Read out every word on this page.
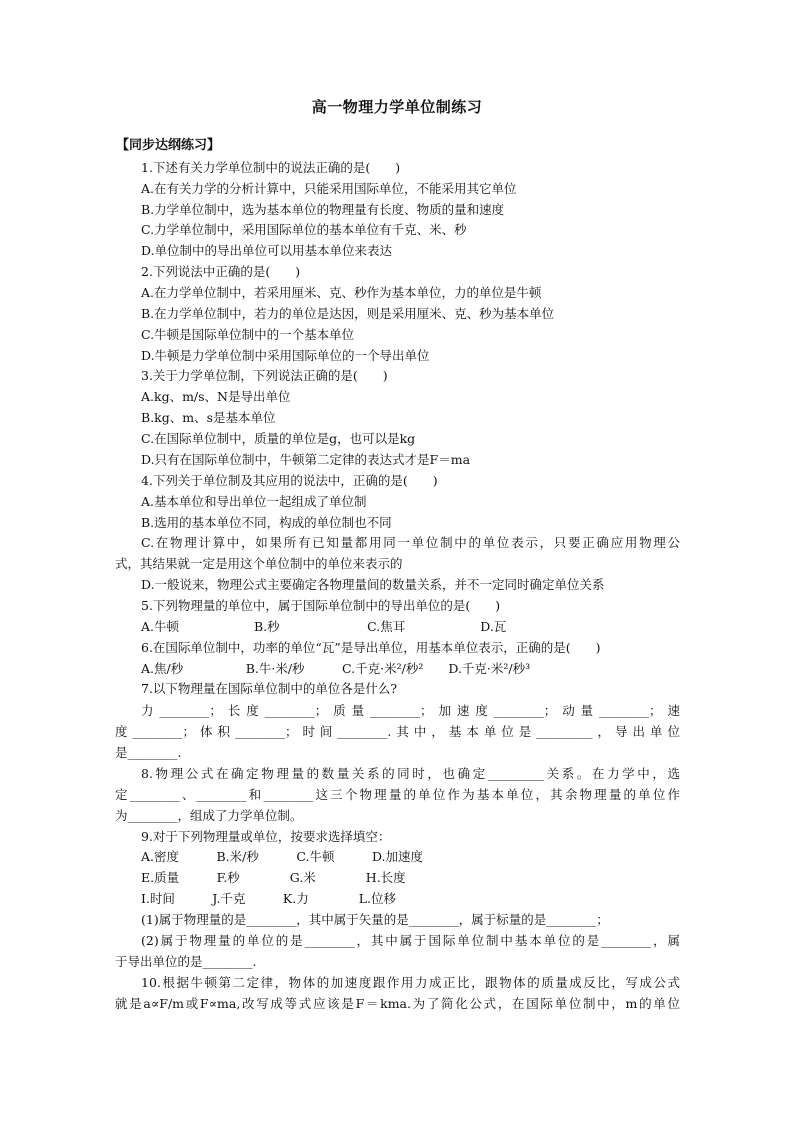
高一物理力学单位制练习
【同步达纲练习】
1.下述有关力学单位制中的说法正确的是(　　)
A.在有关力学的分析计算中，只能采用国际单位，不能采用其它单位
B.力学单位制中，选为基本单位的物理量有长度、物质的量和速度
C.力学单位制中，采用国际单位的基本单位有千克、米、秒
D.单位制中的导出单位可以用基本单位来表达
2.下列说法中正确的是(　　)
A.在力学单位制中，若采用厘米、克、秒作为基本单位，力的单位是牛顿
B.在力学单位制中，若力的单位是达因，则是采用厘米、克、秒为基本单位
C.牛顿是国际单位制中的一个基本单位
D.牛顿是力学单位制中采用国际单位的一个导出单位
3.关于力学单位制，下列说法正确的是(　　)
A.kg、m/s、N是导出单位
B.kg、m、s是基本单位
C.在国际单位制中，质量的单位是g，也可以是kg
D.只有在国际单位制中，牛顿第二定律的表达式才是F＝ma
4.下列关于单位制及其应用的说法中，正确的是(　　)
A.基本单位和导出单位一起组成了单位制
B.选用的基本单位不同，构成的单位制也不同
C.在物理计算中，如果所有已知量都用同一单位制中的单位表示，只要正确应用物理公
式，其结果就一定是用这个单位制中的单位来表示的
D.一般说来，物理公式主要确定各物理量间的数量关系，并不一定同时确定单位关系
5.下列物理量的单位中，属于国际单位制中的导出单位的是(　　)
A.牛顿　　　　　　B.秒　　　　　　　C.焦耳　　　　　　D.瓦
6.在国际单位制中，功率的单位“瓦”是导出单位，用基本单位表示，正确的是(　　)
A.焦/秒　　　　　B.牛·米/秒　　　C.千克·米²/秒²　　D.千克·米²/秒³
7.以下物理量在国际单位制中的单位各是什么?
力________；长度________；质量________；加速度________；动量________；速
度________；体积________；时间________.其中，基本单位是_________，导出单位
是________.
8.物理公式在确定物理量的数量关系的同时，也确定_________关系。在力学中，选
定________、________和________这三个物理量的单位作为基本单位，其余物理量的单位作
为________，组成了力学单位制。
9.对于下列物理量或单位，按要求选择填空：
A.密度　　　B.米/秒　　　C.牛顿　　　D.加速度
E.质量　　　F.秒　　　　G.米　　　　H.长度
I.时间　　　J.千克　　　K.力　　　　L.位移
(1)属于物理量的是________，其中属于矢量的是________，属于标量的是________；
(2)属于物理量的单位的是________，其中属于国际单位制中基本单位的是________，属
于导出单位的是________.
10.根据牛顿第二定律，物体的加速度跟作用力成正比，跟物体的质量成反比，写成公式
就是a∝F/m或F∝ma,改写成等式应该是F＝kma.为了简化公式，在国际单位制中，m的单位
